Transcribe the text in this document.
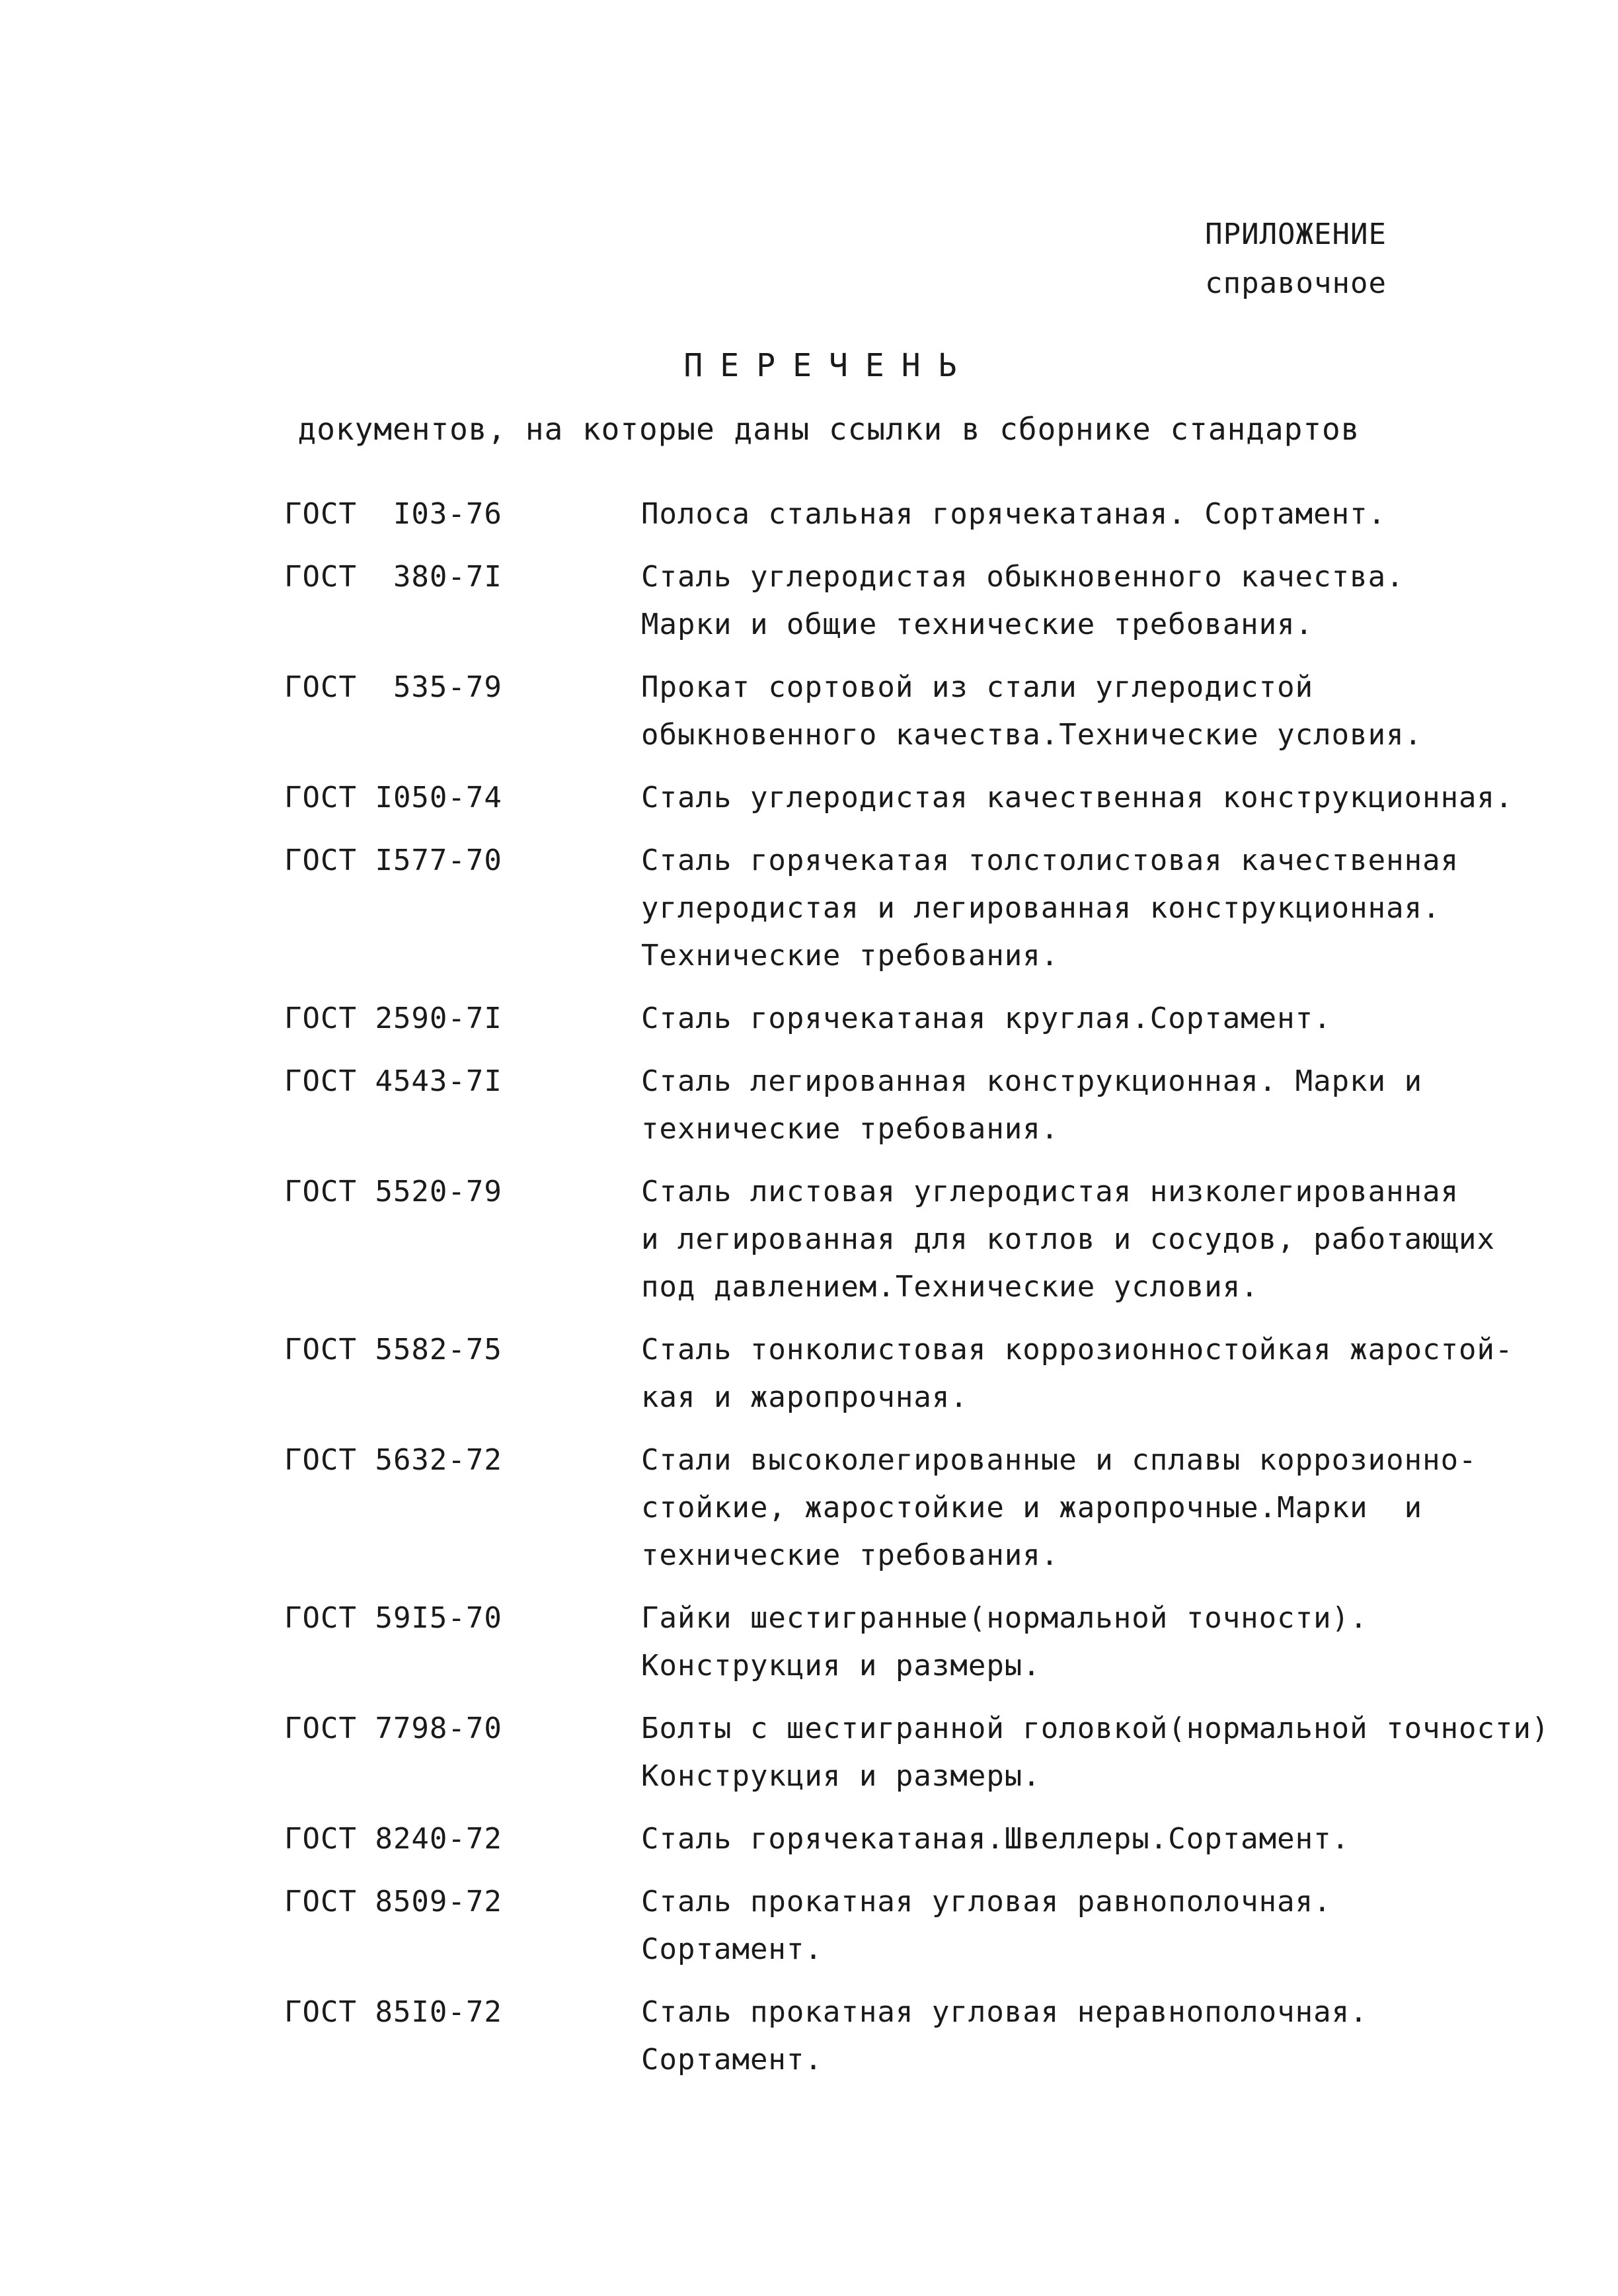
ПРИЛОЖЕНИЕ
справочное
ПЕРЕЧЕНЬ
документов, на которые даны ссылки в сборнике стандартов
ГОСТ  I03-76	Полоса стальная горячекатаная. Сортамент.
ГОСТ  380-7I	Сталь углеродистая обыкновенного качества.
Марки и общие технические требования.
ГОСТ  535-79	Прокат сортовой из стали углеродистой
обыкновенного качества.Технические условия.
ГОСТ I050-74	Сталь углеродистая качественная конструкционная.
ГОСТ I577-70	Сталь горячекатая толстолистовая качественная
углеродистая и легированная конструкционная.
Технические требования.
ГОСТ 2590-7I	Сталь горячекатаная круглая.Сортамент.
ГОСТ 4543-7I	Сталь легированная конструкционная. Марки и
технические требования.
ГОСТ 5520-79	Сталь листовая углеродистая низколегированная
и легированная для котлов и сосудов, работающих
под давлением.Технические условия.
ГОСТ 5582-75	Сталь тонколистовая коррозионностойкая жаростой-
кая и жаропрочная.
ГОСТ 5632-72	Стали высоколегированные и сплавы коррозионно-
стойкие, жаростойкие и жаропрочные.Марки  и
технические требования.
ГОСТ 59I5-70	Гайки шестигранные(нормальной точности).
Конструкция и размеры.
ГОСТ 7798-70	Болты с шестигранной головкой(нормальной точности)
Конструкция и размеры.
ГОСТ 8240-72	Сталь горячекатаная.Швеллеры.Сортамент.
ГОСТ 8509-72	Сталь прокатная угловая равнополочная.
Сортамент.
ГОСТ 85I0-72	Сталь прокатная угловая неравнополочная.
Сортамент.
